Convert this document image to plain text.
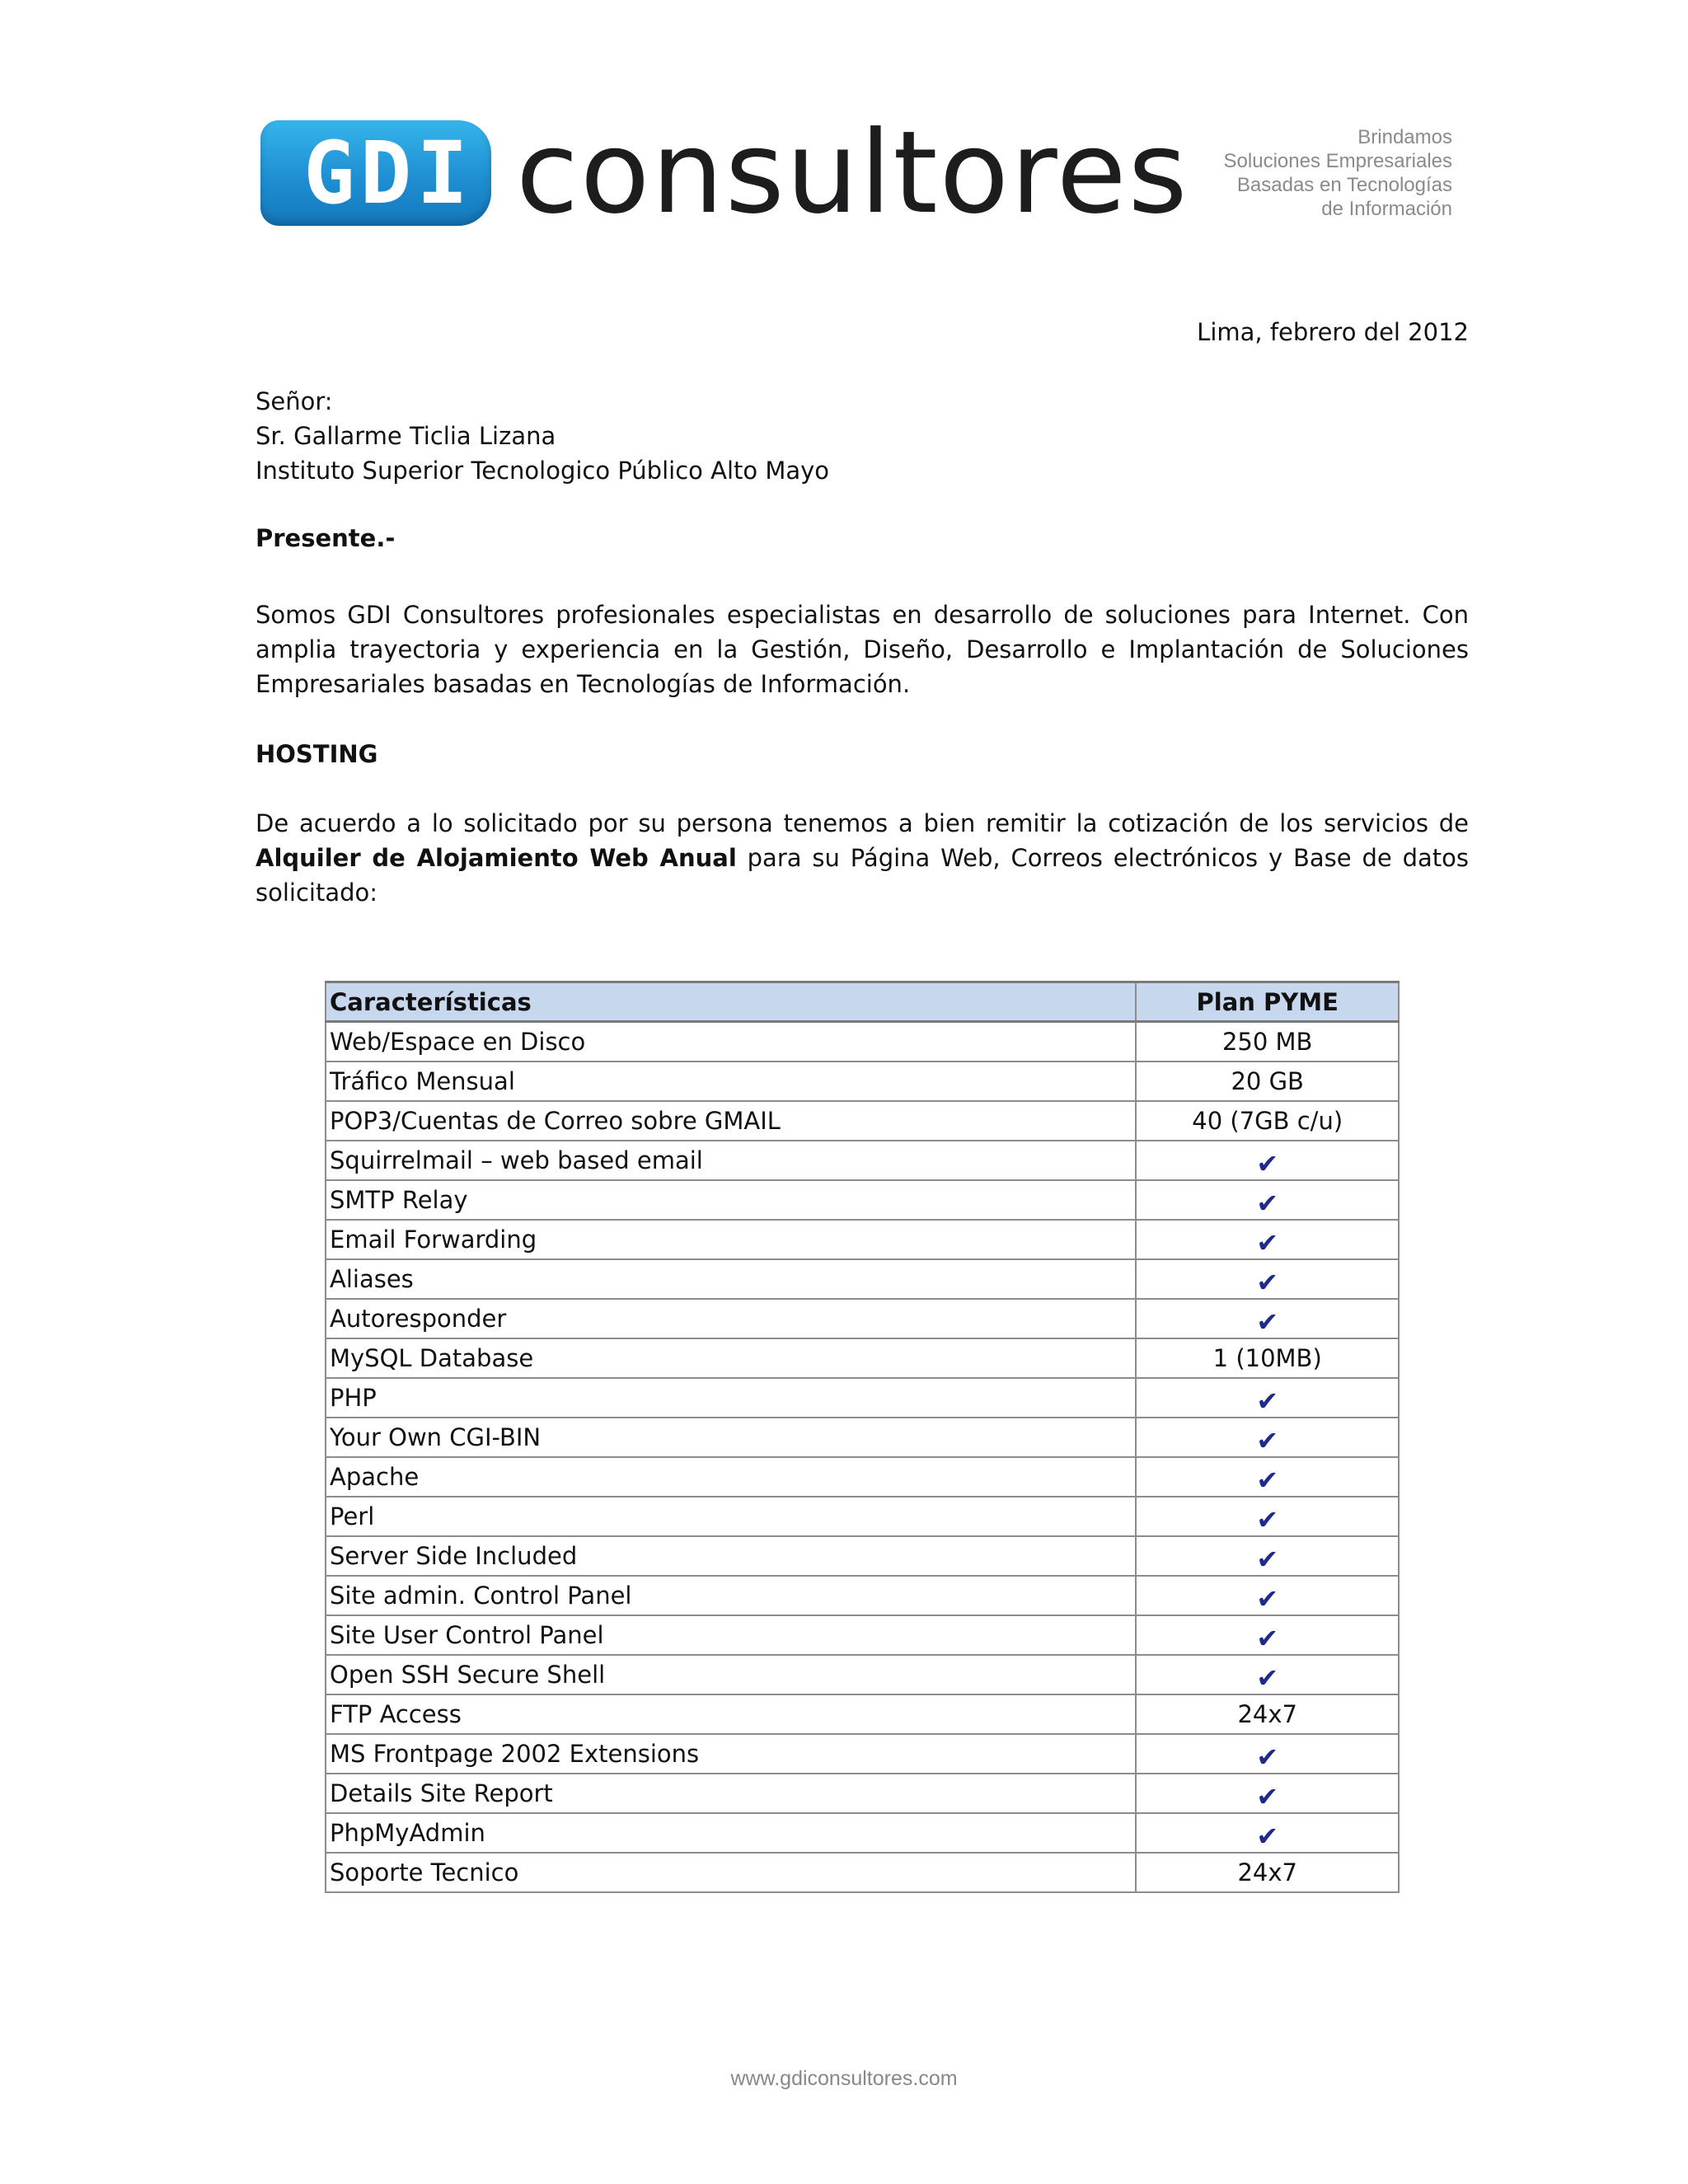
GDI consultores	Brindamos
Soluciones Empresariales
Basadas en Tecnologías
de Información
Lima, febrero del 2012
Señor:
Sr. Gallarme Ticlia Lizana
Instituto Superior Tecnologico Público Alto Mayo
Presente.-
Somos GDI Consultores profesionales especialistas en desarrollo de soluciones para Internet. Con amplia trayectoria y experiencia en la Gestión, Diseño, Desarrollo e Implantación de Soluciones Empresariales basadas en Tecnologías de Información.
HOSTING
De acuerdo a lo solicitado por su persona tenemos a bien remitir la cotización de los servicios de Alquiler de Alojamiento Web Anual para su Página Web, Correos electrónicos y Base de datos solicitado:
Características	Plan PYME
Web/Espace en Disco	250 MB
Tráfico Mensual	20 GB
POP3/Cuentas de Correo sobre GMAIL	40 (7GB c/u)
Squirrelmail – web based email	✔
SMTP Relay	✔
Email Forwarding	✔
Aliases	✔
Autoresponder	✔
MySQL Database	1 (10MB)
PHP	✔
Your Own CGI-BIN	✔
Apache	✔
Perl	✔
Server Side Included	✔
Site admin. Control Panel	✔
Site User Control Panel	✔
Open SSH Secure Shell	✔
FTP Access	24x7
MS Frontpage 2002 Extensions	✔
Details Site Report	✔
PhpMyAdmin	✔
Soporte Tecnico	24x7
www.gdiconsultores.com
